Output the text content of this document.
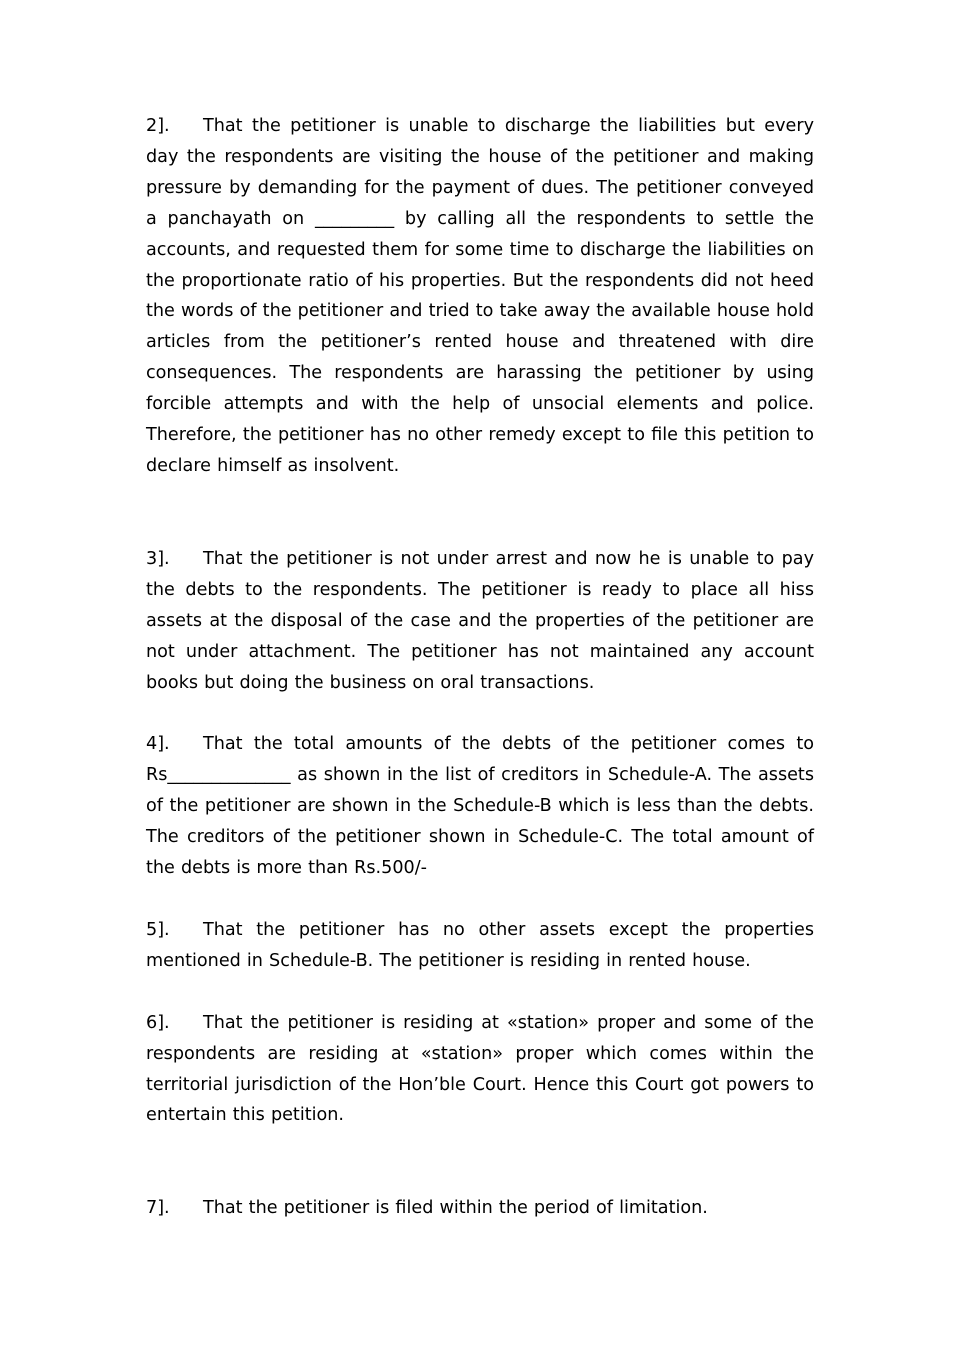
2]. That the petitioner is unable to discharge the liabilities but every day the respondents are visiting the house of the petitioner and making pressure by demanding for the payment of dues. The petitioner conveyed a panchayath on _________ by calling all the respondents to settle the accounts, and requested them for some time to discharge the liabilities on the proportionate ratio of his properties. But the respondents did not heed the words of the petitioner and tried to take away the available house hold articles from the petitioner’s rented house and threatened with dire consequences. The respondents are harassing the petitioner by using forcible attempts and with the help of unsocial elements and police. Therefore, the petitioner has no other remedy except to file this petition to declare himself as insolvent.

3]. That the petitioner is not under arrest and now he is unable to pay the debts to the respondents. The petitioner is ready to place all hiss assets at the disposal of the case and the properties of the petitioner are not under attachment. The petitioner has not maintained any account books but doing the business on oral transactions.

4]. That the total amounts of the debts of the petitioner comes to Rs______________ as shown in the list of creditors in Schedule-A. The assets of the petitioner are shown in the Schedule-B which is less than the debts. The creditors of the petitioner shown in Schedule-C. The total amount of the debts is more than Rs.500/-

5]. That the petitioner has no other assets except the properties mentioned in Schedule-B. The petitioner is residing in rented house.

6]. That the petitioner is residing at «station» proper and some of the respondents are residing at «station» proper which comes within the territorial jurisdiction of the Hon’ble Court. Hence this Court got powers to entertain this petition.

7]. That the petitioner is filed within the period of limitation.
